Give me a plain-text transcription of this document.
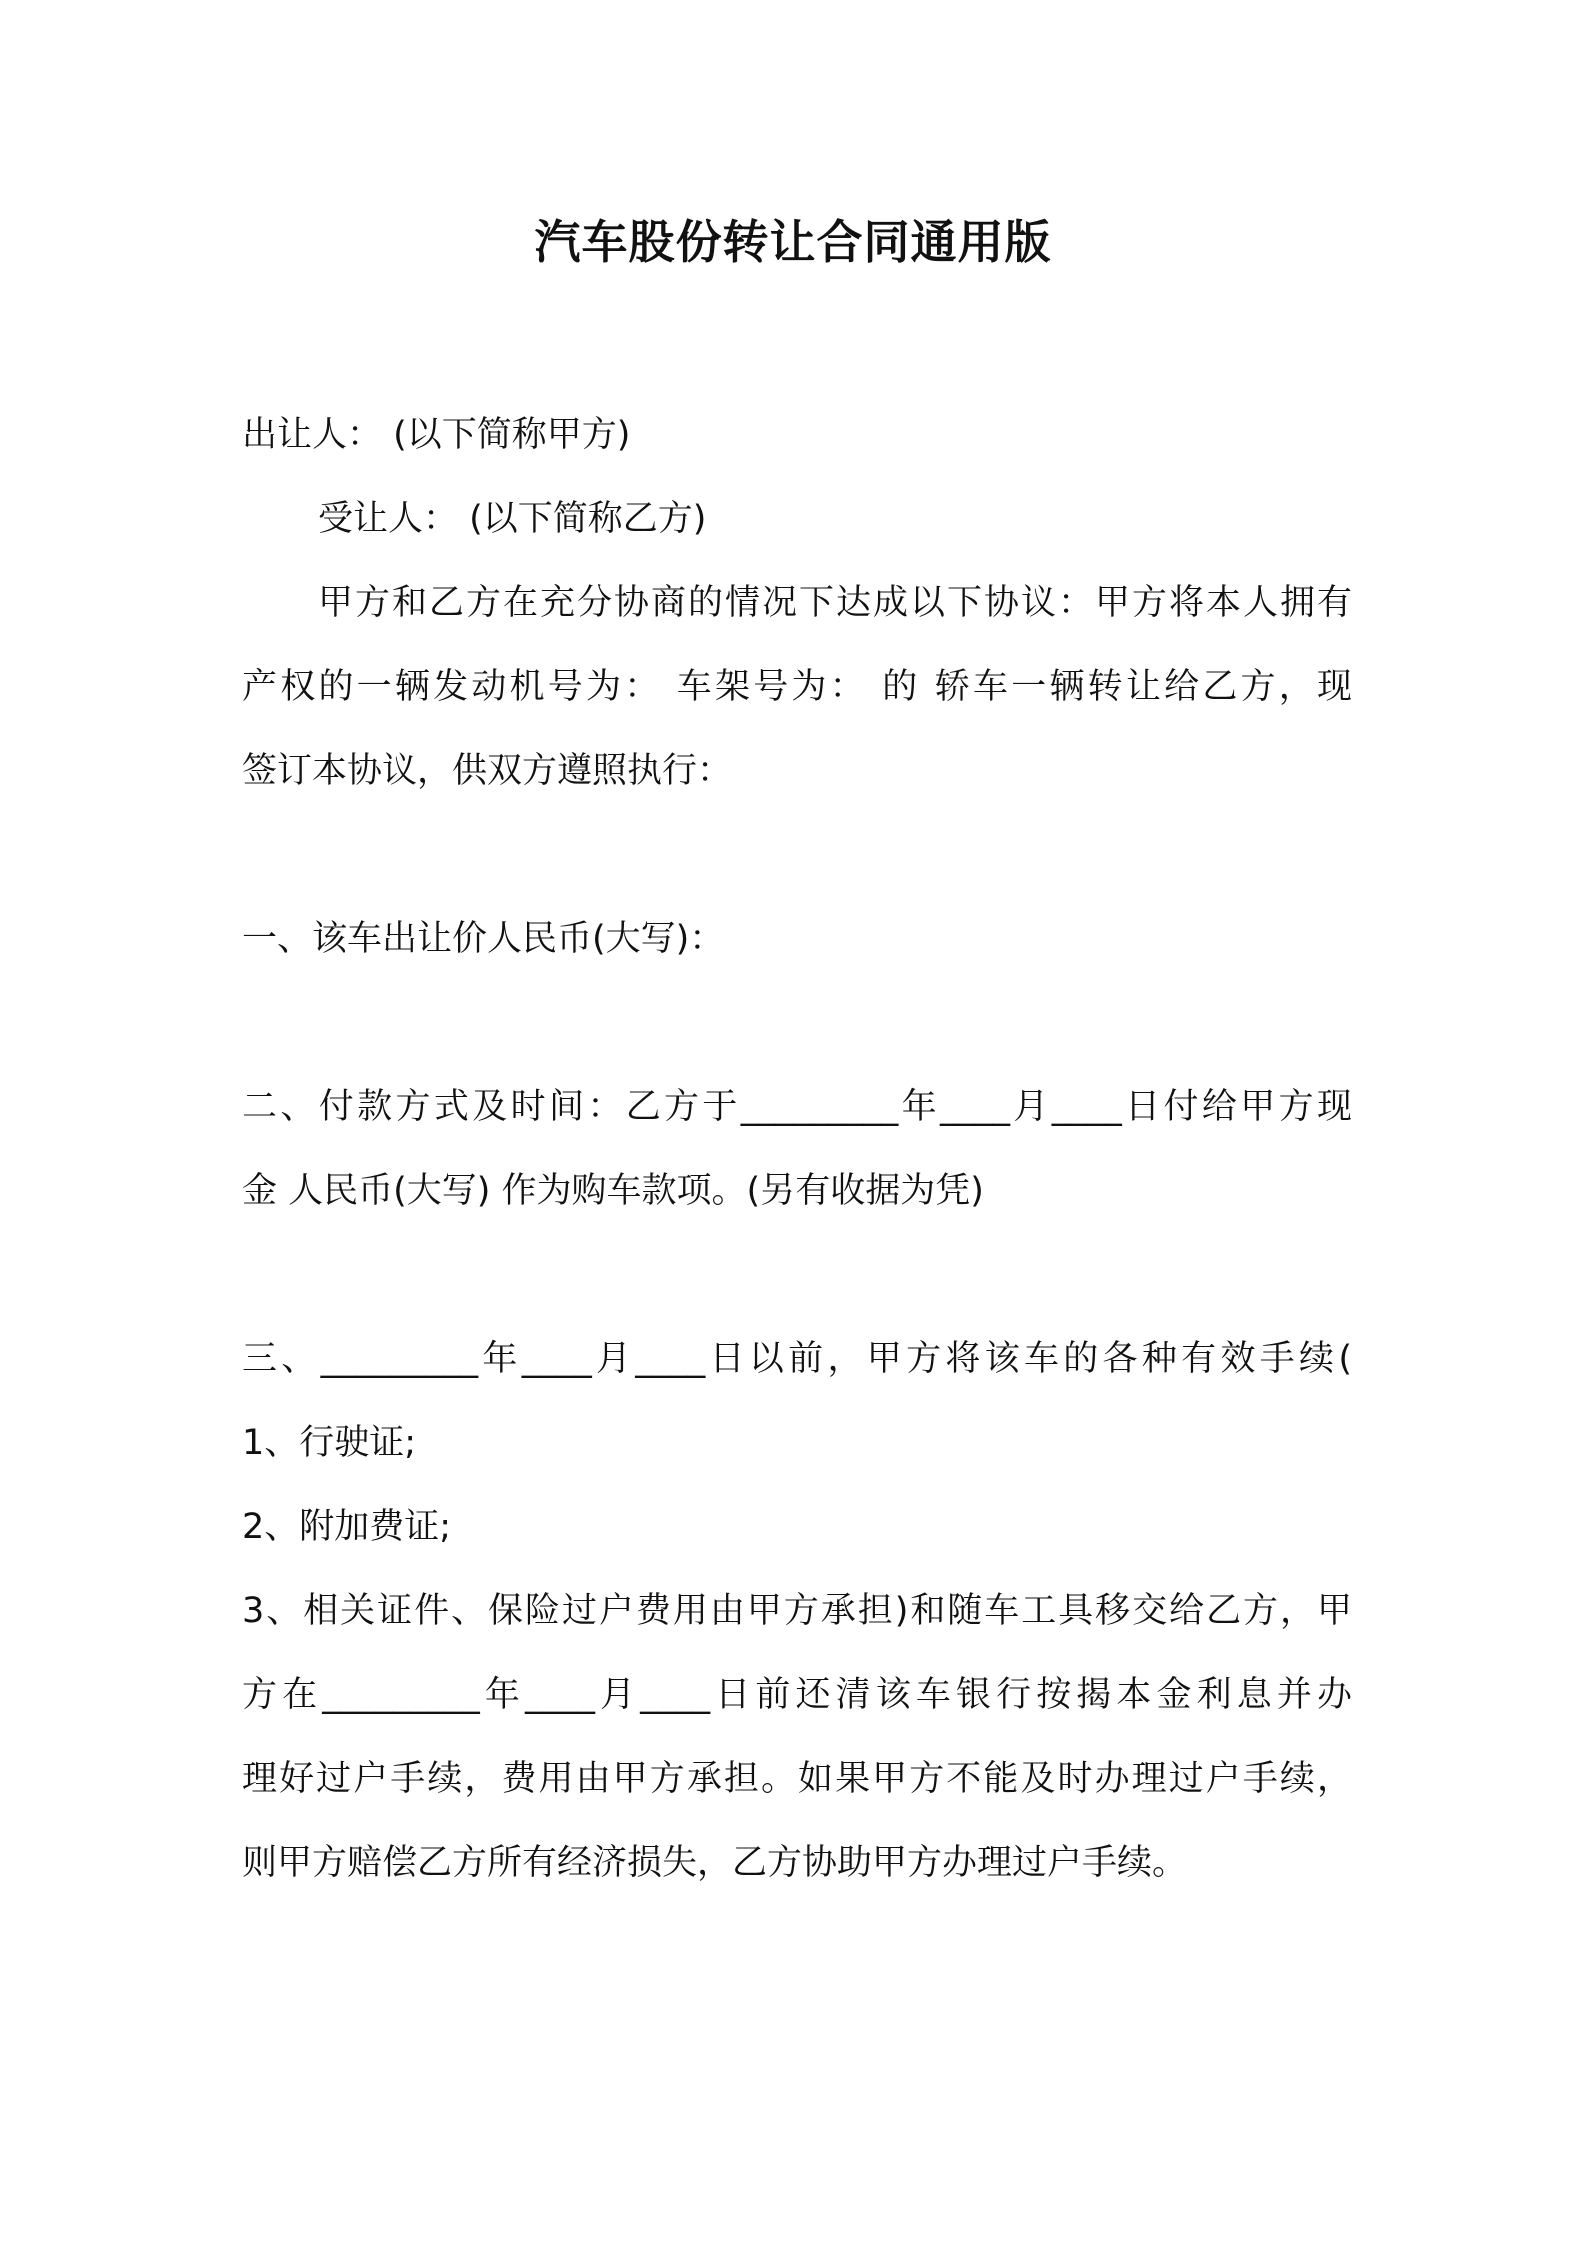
汽车股份转让合同通用版
出让人： (以下简称甲方)
受让人： (以下简称乙方)
甲方和乙方在充分协商的情况下达成以下协议：甲方将本人拥有
产权的一辆发动机号为： 车架号为： 的 轿车一辆转让给乙方，现
签订本协议，供双方遵照执行：
一、该车出让价人民币(大写)：
二、付款方式及时间：乙方于_________年____月____日付给甲方现
金 人民币(大写) 作为购车款项。(另有收据为凭)
三、_________年____月____日以前，甲方将该车的各种有效手续(
1、行驶证;
2、附加费证;
3、相关证件、保险过户费用由甲方承担)和随车工具移交给乙方，甲
方在_________年____月____日前还清该车银行按揭本金利息并办
理好过户手续，费用由甲方承担。如果甲方不能及时办理过户手续，
则甲方赔偿乙方所有经济损失，乙方协助甲方办理过户手续。
